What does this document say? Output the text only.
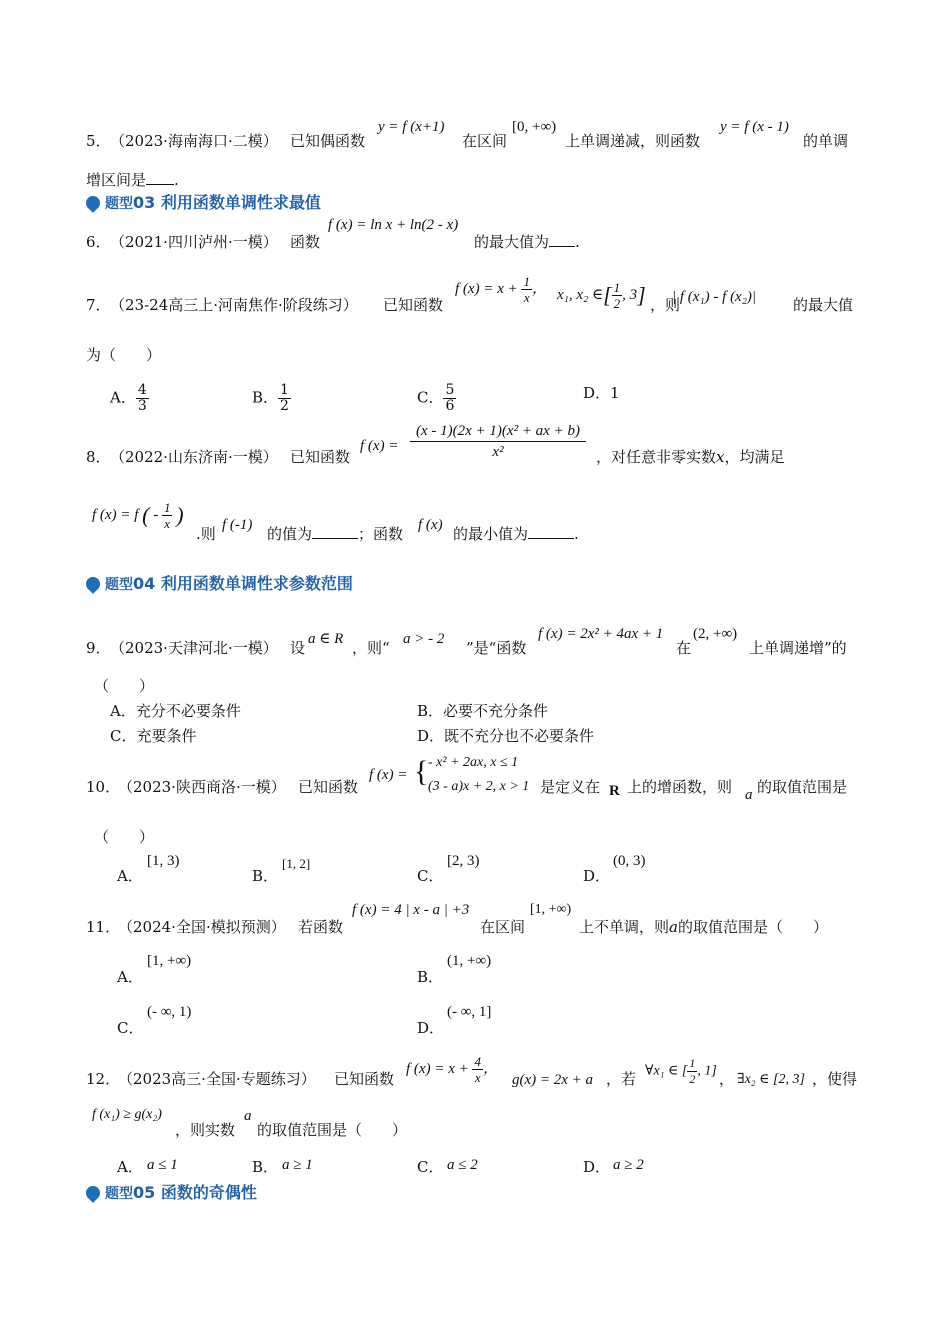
5． （2023·海南海口·二模） 已知偶函数
y = f (x+1)
在区间
[0, +∞)
上单调递减，则函数
y = f (x - 1)
的单调
增区间是 .
题型03 利用函数单调性求最值
6． （2021·四川泸州·一模） 函数
f (x) = ln x + ln(2 - x)
的最大值为 .
7． （23-24高三上·河南焦作·阶段练习） 已知函数
f $(x) = x + \frac{1}{x}$ ， x₁, x₂ ∈[ $\frac{1}{2}$ , 3] ，则
| f (x₁) - f (x₂)| 的最大值
为（　　）
A． $\frac{4}{3}$	B． $\frac{1}{2}$	C． $\frac{5}{6}$	D．1
8． （2022·山东济南·一模） 已知函数
f $(x) = \frac{\text{(x - 1)(2x + 1)(x² + ax + b)}}{\text{x²}}$ ，对任意非零实数x，均满足
f (x) = f ( - $\frac{1}{x}$ )
.则 f (-1) 的值为	；函数 f (x) 的最小值为	.
题型04 利用函数单调性求参数范围
9． （2023·天津河北·一模） 设 a ∈ R ，则“ a > - 2 ”是“函数
f (x) = 2x² + 4ax + 1
在
(2, +∞)
上单调递增”的
（　　）
A．充分不必要条件	B．必要不充分条件
C．充要条件	D．既不充分也不必要条件
10．
（2023·陕西商洛·一模） 已知函数
f (x) = { - x² + 2ax, x ≤ 1
(3 - a)x + 2, x > 1 是定义在 R 上的增函数，则 a 的取值范围是
（　　）
A．
[1, 3)
B．
[1, 2]
C．
[2, 3)
D．
(0, 3)
11．
（2024·全国·模拟预测） 若函数
f (x) = 4 | x - a | +3
在区间
[1, +∞)
上不单调，则a的取值范围是（　　）
A．
[1, +∞)
B．
(1, +∞)
C．
(- ∞, 1)
D．
(- ∞, 1]
12．
（2023高三·全国·专题练习） 已知函数
f $(x) = x + \frac{4}{x}$ ，
g(x) = 2x + a ，若 ∀x₁ ∈ [ $\frac{1}{2}$ , 1] ， ∃x₂ ∈ [2, 3] ，使得
f (x₁) ≥ g(x₂)
，则实数
a
的取值范围是（　　）
A． a ≤ 1	B． a ≥ 1	C． a ≤ 2	D． a ≥ 2
题型05 函数的奇偶性
